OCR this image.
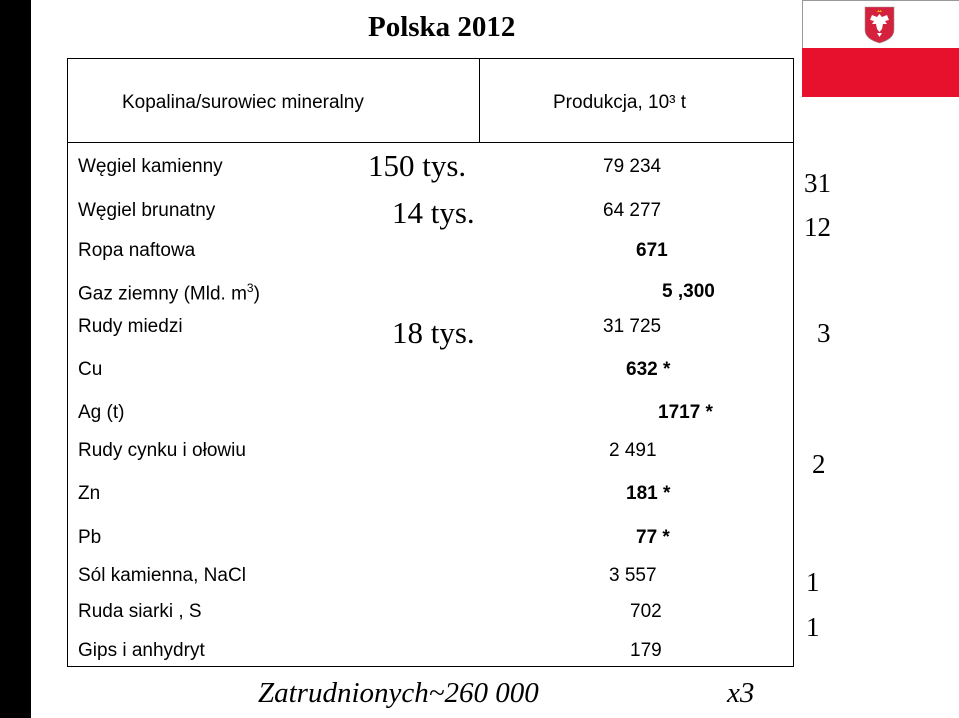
Polska 2012
Kopalina/surowiec mineralny	Produkcja, 10³ t
Węgiel kamienny	79 234
Węgiel brunatny	64 277
Ropa naftowa	671
Gaz ziemny (Mld. $m^3$)	5 ,300
Rudy miedzi	31 725
Cu	632 *
Ag (t)	1717 *
Rudy cynku i ołowiu	2 491
Zn	181 *
Pb	77 *
Sól kamienna, NaCl	3 557
Ruda siarki , S	702
Gips i anhydryt	179
150 tys.
14 tys.
18 tys.
31
12
3
2
1
1
Zatrudnionych~260 000	x3
